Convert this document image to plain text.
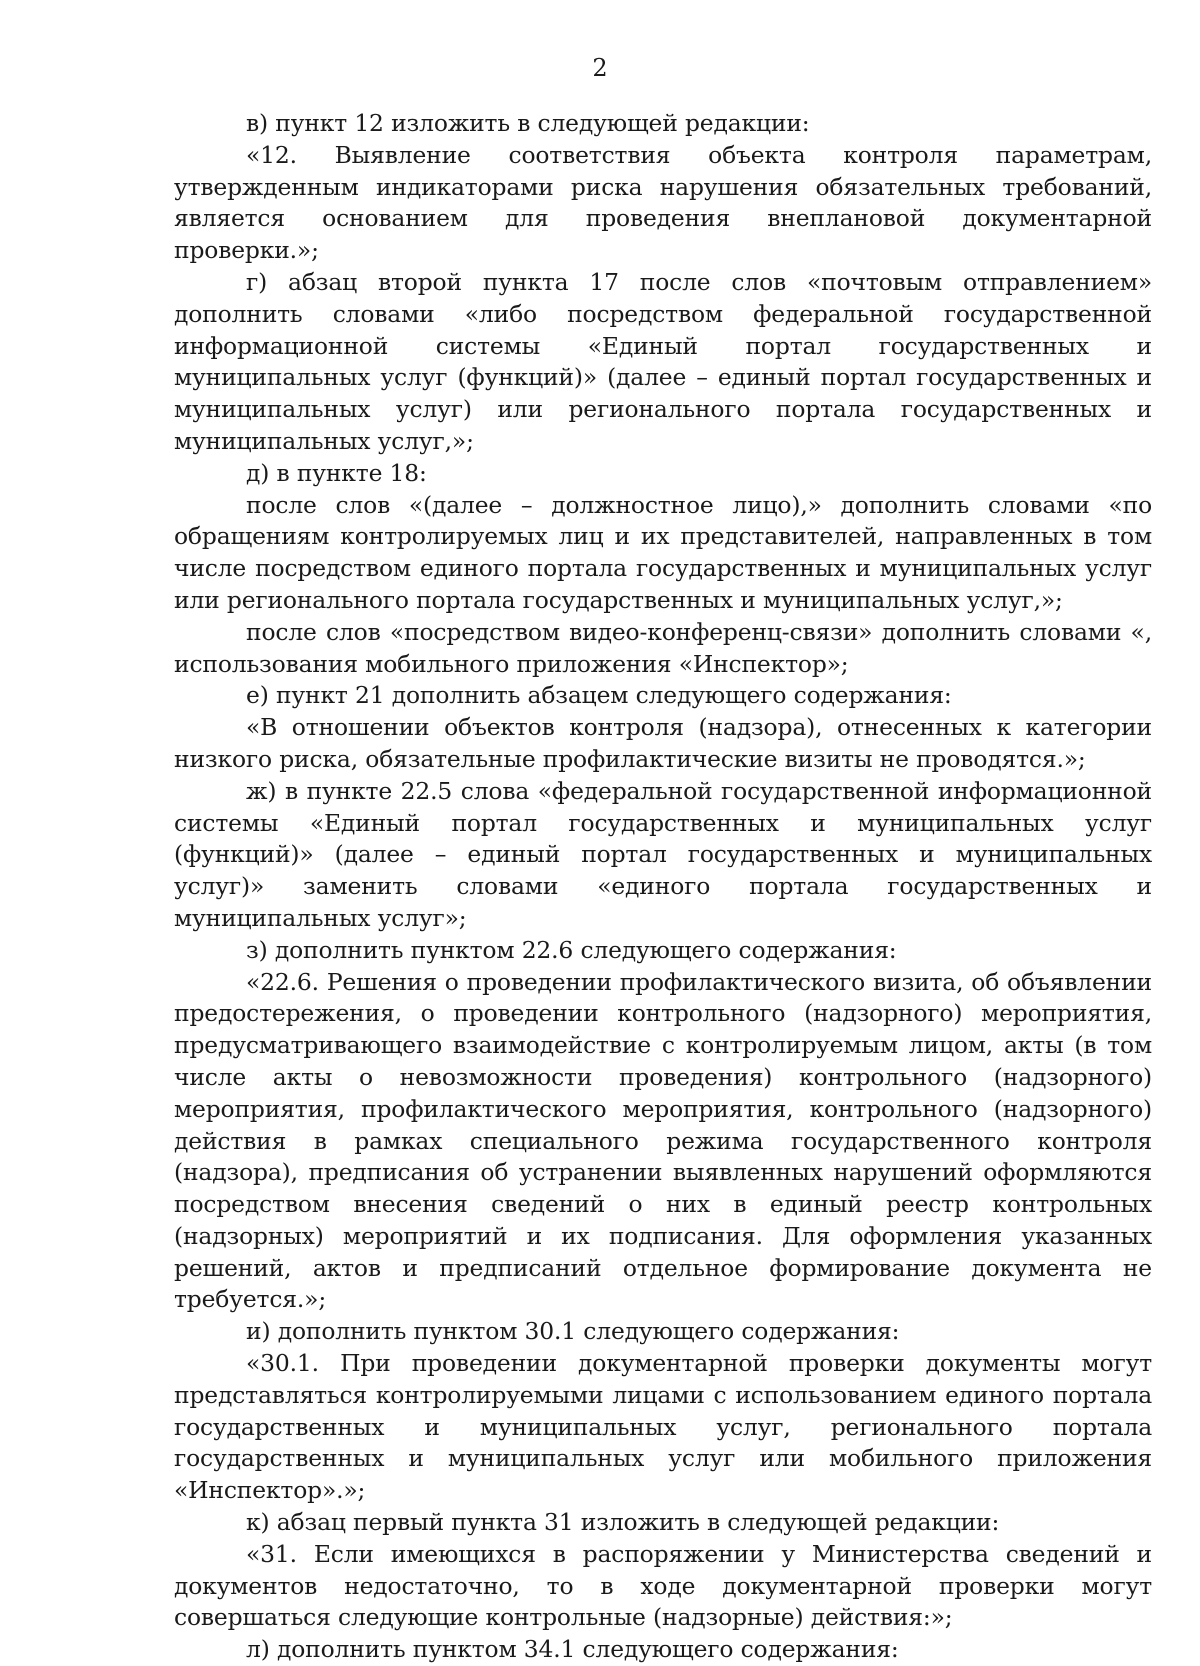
2

в) пункт 12 изложить в следующей редакции:

«12. Выявление соответствия объекта контроля параметрам, утвержденным индикаторами риска нарушения обязательных требований, является основанием для проведения внеплановой документарной проверки.»;

г) абзац второй пункта 17 после слов «почтовым отправлением» дополнить словами «либо посредством федеральной государственной информационной системы «Единый портал государственных и муниципальных услуг (функций)» (далее – единый портал государственных и муниципальных услуг) или регионального портала государственных и муниципальных услуг,»;

д) в пункте 18:

после слов «(далее – должностное лицо),» дополнить словами «по обращениям контролируемых лиц и их представителей, направленных в том числе посредством единого портала государственных и муниципальных услуг или регионального портала государственных и муниципальных услуг,»;

после слов «посредством видео-конференц-связи» дополнить словами «, использования мобильного приложения «Инспектор»;

е) пункт 21 дополнить абзацем следующего содержания:

«В отношении объектов контроля (надзора), отнесенных к категории низкого риска, обязательные профилактические визиты не проводятся.»;

ж) в пункте 22.5 слова «федеральной государственной информационной системы «Единый портал государственных и муниципальных услуг (функций)» (далее – единый портал государственных и муниципальных услуг)» заменить словами «единого портала государственных и муниципальных услуг»;

з) дополнить пунктом 22.6 следующего содержания:

«22.6. Решения о проведении профилактического визита, об объявлении предостережения, о проведении контрольного (надзорного) мероприятия, предусматривающего взаимодействие с контролируемым лицом, акты (в том числе акты о невозможности проведения) контрольного (надзорного) мероприятия, профилактического мероприятия, контрольного (надзорного) действия в рамках специального режима государственного контроля (надзора), предписания об устранении выявленных нарушений оформляются посредством внесения сведений о них в единый реестр контрольных (надзорных) мероприятий и их подписания. Для оформления указанных решений, актов и предписаний отдельное формирование документа не требуется.»;

и) дополнить пунктом 30.1 следующего содержания:

«30.1. При проведении документарной проверки документы могут представляться контролируемыми лицами с использованием единого портала государственных и муниципальных услуг, регионального портала государственных и муниципальных услуг или мобильного приложения «Инспектор».»;

к) абзац первый пункта 31 изложить в следующей редакции:

«31. Если имеющихся в распоряжении у Министерства сведений и документов недостаточно, то в ходе документарной проверки могут совершаться следующие контрольные (надзорные) действия:»;

л) дополнить пунктом 34.1 следующего содержания:
